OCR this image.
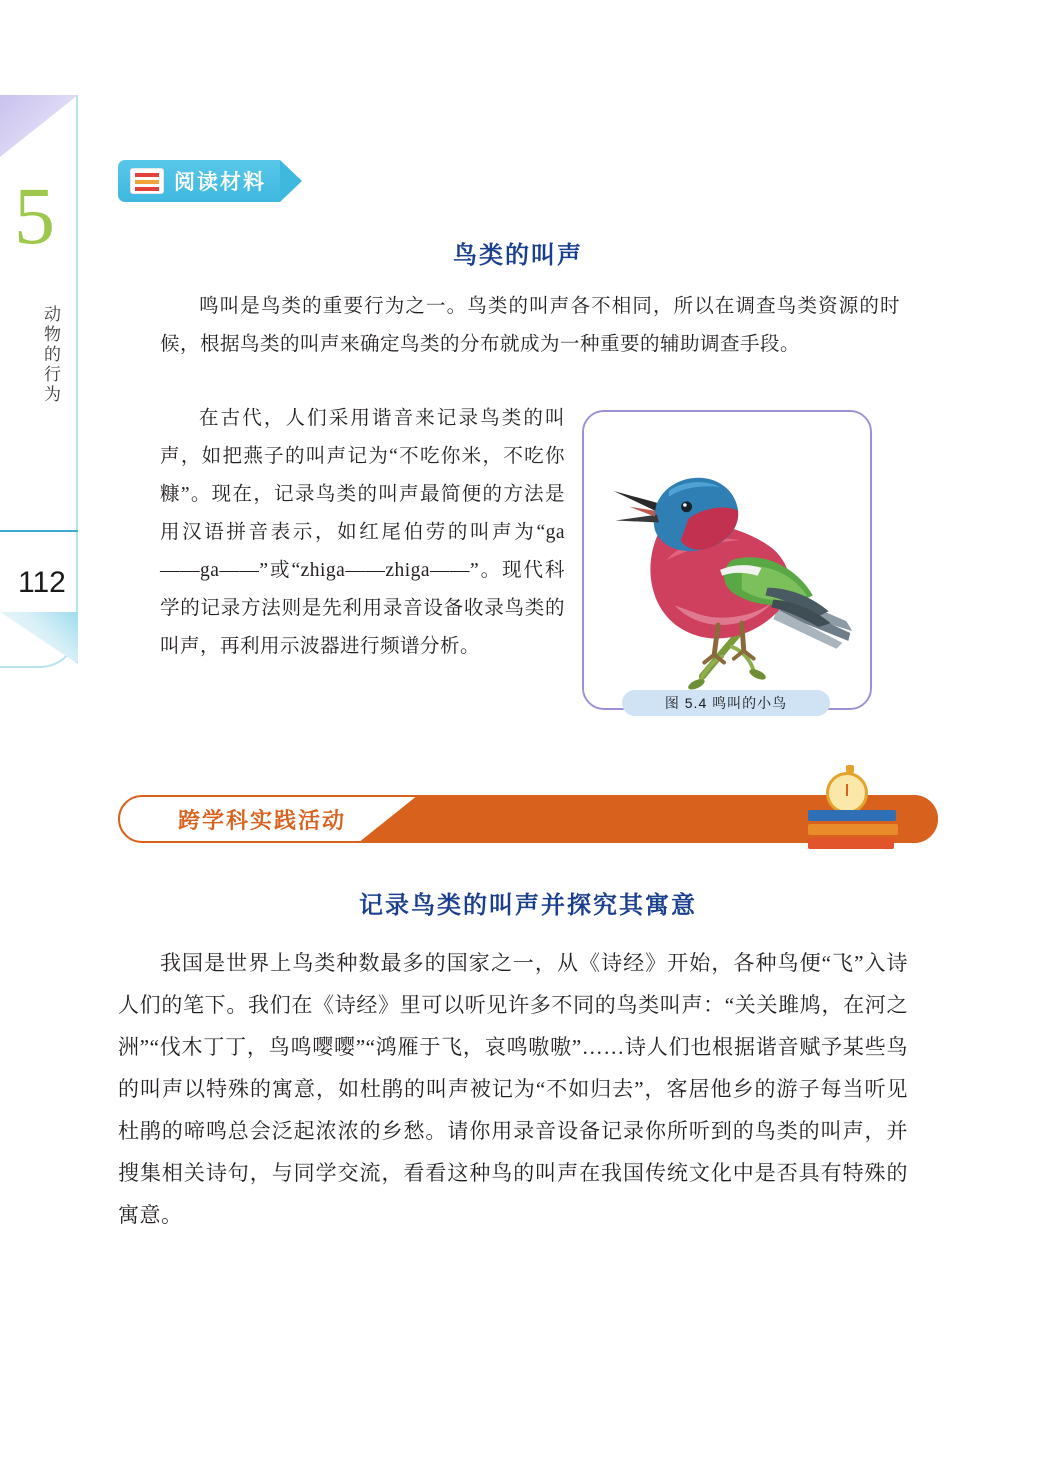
5
动物的行为
112
阅读材料
鸟类的叫声
鸣叫是鸟类的重要行为之一。鸟类的叫声各不相同，所以在调查鸟类资源的时候，根据鸟类的叫声来确定鸟类的分布就成为一种重要的辅助调查手段。
在古代，人们采用谐音来记录鸟类的叫声，如把燕子的叫声记为“不吃你米，不吃你糠”。现在，记录鸟类的叫声最简便的方法是用汉语拼音表示，如红尾伯劳的叫声为“ga——ga——”或“zhiga——zhiga——”。现代科学的记录方法则是先利用录音设备收录鸟类的叫声，再利用示波器进行频谱分析。
图 5.4 鸣叫的小鸟
跨学科实践活动
记录鸟类的叫声并探究其寓意
我国是世界上鸟类种数最多的国家之一，从《诗经》开始，各种鸟便“飞”入诗人们的笔下。我们在《诗经》里可以听见许多不同的鸟类叫声：“关关雎鸠，在河之洲”“伐木丁丁，鸟鸣嘤嘤”“鸿雁于飞，哀鸣嗷嗷”……诗人们也根据谐音赋予某些鸟的叫声以特殊的寓意，如杜鹃的叫声被记为“不如归去”，客居他乡的游子每当听见杜鹃的啼鸣总会泛起浓浓的乡愁。请你用录音设备记录你所听到的鸟类的叫声，并搜集相关诗句，与同学交流，看看这种鸟的叫声在我国传统文化中是否具有特殊的寓意。
